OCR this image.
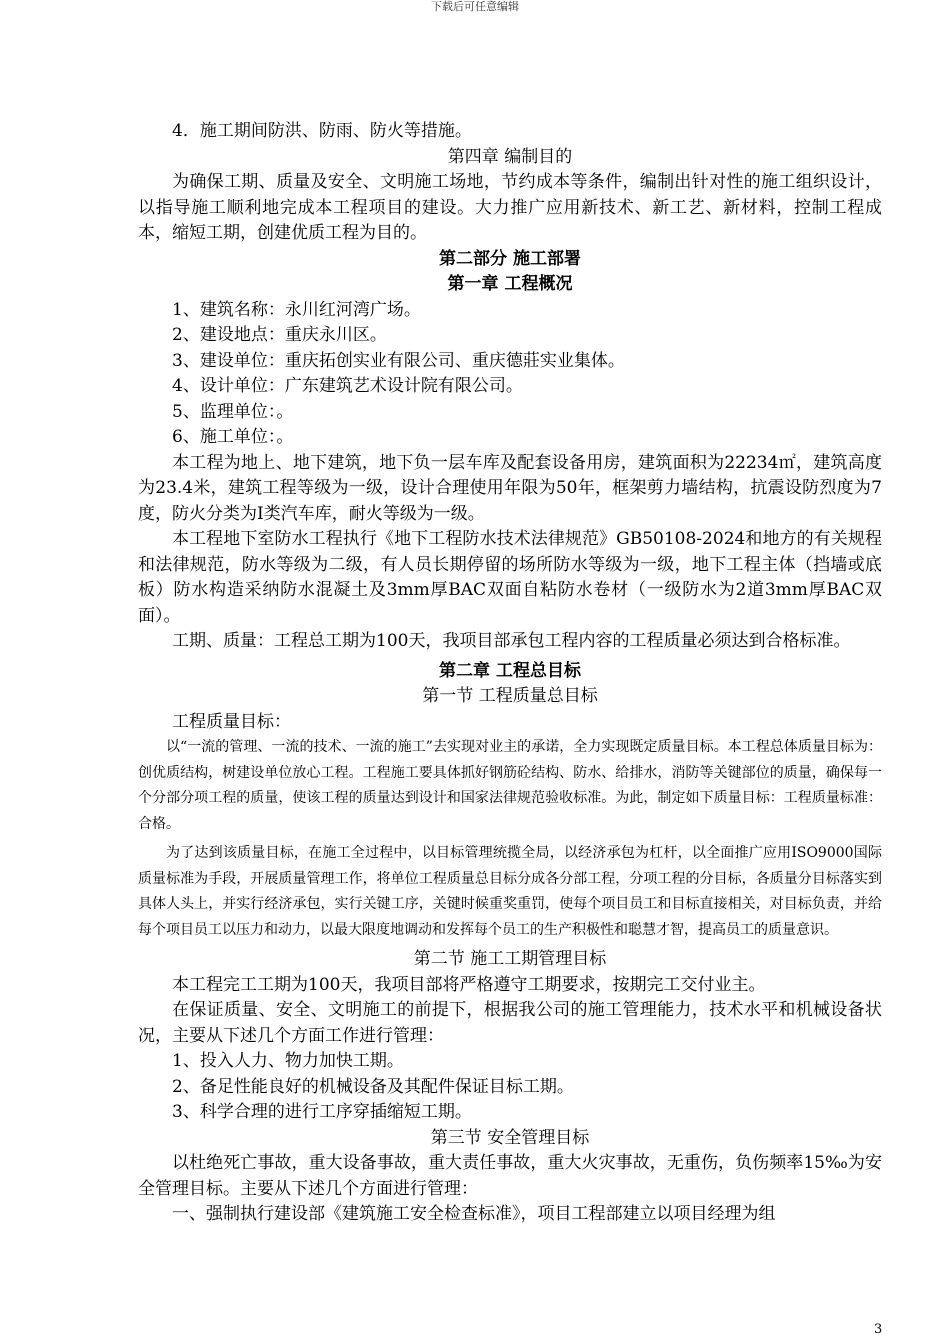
下载后可任意编辑
4．施工期间防洪、防雨、防火等措施。
第四章 编制目的
为确保工期、质量及安全、文明施工场地，节约成本等条件，编制出针对性的施工组织设计，以指导施工顺利地完成本工程项目的建设。大力推广应用新技术、新工艺、新材料，控制工程成本，缩短工期，创建优质工程为目的。
第二部分 施工部署
第一章 工程概况
1、建筑名称：永川红河湾广场。
2、建设地点：重庆永川区。
3、建设单位：重庆拓创实业有限公司、重庆德莊实业集体。
4、设计单位：广东建筑艺术设计院有限公司。
5、监理单位：。
6、施工单位：。
本工程为地上、地下建筑，地下负一层车库及配套设备用房，建筑面积为22234㎡，建筑高度为23.4米，建筑工程等级为一级，设计合理使用年限为50年，框架剪力墙结构，抗震设防烈度为7度，防火分类为Ⅰ类汽车库，耐火等级为一级。
本工程地下室防水工程执行《地下工程防水技术法律规范》GB50108-2024和地方的有关规程和法律规范，防水等级为二级，有人员长期停留的场所防水等级为一级，地下工程主体（挡墙或底板）防水构造采纳防水混凝土及3mm厚BAC双面自粘防水卷材（一级防水为2道3mm厚BAC双面）。
工期、质量：工程总工期为100天，我项目部承包工程内容的工程质量必须达到合格标准。
第二章 工程总目标
第一节 工程质量总目标
工程质量目标：
以“一流的管理、一流的技术、一流的施工”去实现对业主的承诺，全力实现既定质量目标。本工程总体质量目标为：创优质结构，树建设单位放心工程。工程施工要具体抓好钢筋砼结构、防水、给排水，消防等关键部位的质量，确保每一个分部分项工程的质量，使该工程的质量达到设计和国家法律规范验收标准。为此，制定如下质量目标：工程质量标准：合格。
为了达到该质量目标，在施工全过程中，以目标管理统揽全局，以经济承包为杠杆，以全面推广应用ISO9000国际质量标准为手段，开展质量管理工作，将单位工程质量总目标分成各分部工程，分项工程的分目标，各质量分目标落实到具体人头上，并实行经济承包，实行关键工序，关键时候重奖重罚，使每个项目员工和目标直接相关，对目标负责，并给每个项目员工以压力和动力，以最大限度地调动和发挥每个员工的生产积极性和聪慧才智，提高员工的质量意识。
第二节 施工工期管理目标
本工程完工工期为100天，我项目部将严格遵守工期要求，按期完工交付业主。
在保证质量、安全、文明施工的前提下，根据我公司的施工管理能力，技术水平和机械设备状况，主要从下述几个方面工作进行管理：
1、投入人力、物力加快工期。
2、备足性能良好的机械设备及其配件保证目标工期。
3、科学合理的进行工序穿插缩短工期。
第三节 安全管理目标
以杜绝死亡事故，重大设备事故，重大责任事故，重大火灾事故，无重伤，负伤频率15‰为安全管理目标。主要从下述几个方面进行管理：
一、强制执行建设部《建筑施工安全检查标准》，项目工程部建立以项目经理为组
3
